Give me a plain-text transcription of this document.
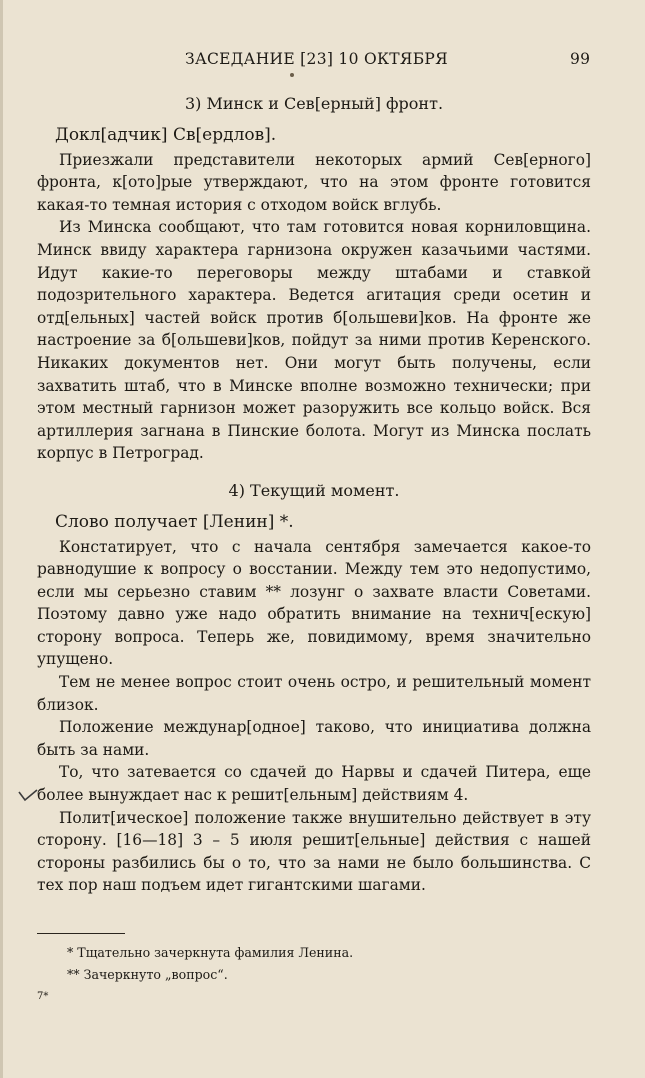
ЗАСЕДАНИЕ [23] 10 ОКТЯБРЯ	99
3) Минск и Сев[ерный] фронт.
Докл[адчик] Св[ердлов].

Приезжали представители некоторых армий Сев[ерного] фронта, к[ото]рые утверждают, что на этом фронте готовится какая-то темная история с отходом войск вглубь.

Из Минска сообщают, что там готовится новая корниловщина. Минск ввиду характера гарнизона окружен казачьими частями. Идут какие-то переговоры между штабами и ставкой подозрительного характера. Ведется агитация среди осетин и отд[ельных] частей войск против б[ольшеви]ков. На фронте же настроение за б[ольшеви]ков, пойдут за ними против Керенского. Никаких документов нет. Они могут быть получены, если захватить штаб, что в Минске вполне возможно технически; при этом местный гарнизон может разоружить все кольцо войск. Вся артиллерия загнана в Пинские болота. Могут из Минска послать корпус в Петроград.

4) Текущий момент.
Слово получает [Ленин] *.

Констатирует, что с начала сентября замечается какое-то равнодушие к вопросу о восстании. Между тем это недопустимо, если мы серьезно ставим ** лозунг о захвате власти Советами. Поэтому давно уже надо обратить внимание на технич[ескую] сторону вопроса. Теперь же, повидимому, время значительно упущено.

Тем не менее вопрос стоит очень остро, и решительный момент близок.

Положение междунар[одное] таково, что инициатива должна быть за нами.

То, что затевается со сдачей до Нарвы и сдачей Питера, еще более вынуждает нас к решит[ельным] действиям 4.

Полит[ическое] положение также внушительно действует в эту сторону. [16—18] 3 – 5 июля решит[ельные] действия с нашей стороны разбились бы о то, что за нами не было большинства. С тех пор наш подъем идет гигантскими шагами.

* Тщательно зачеркнута фамилия Ленина.
** Зачеркнуто „вопрос“.
7*
